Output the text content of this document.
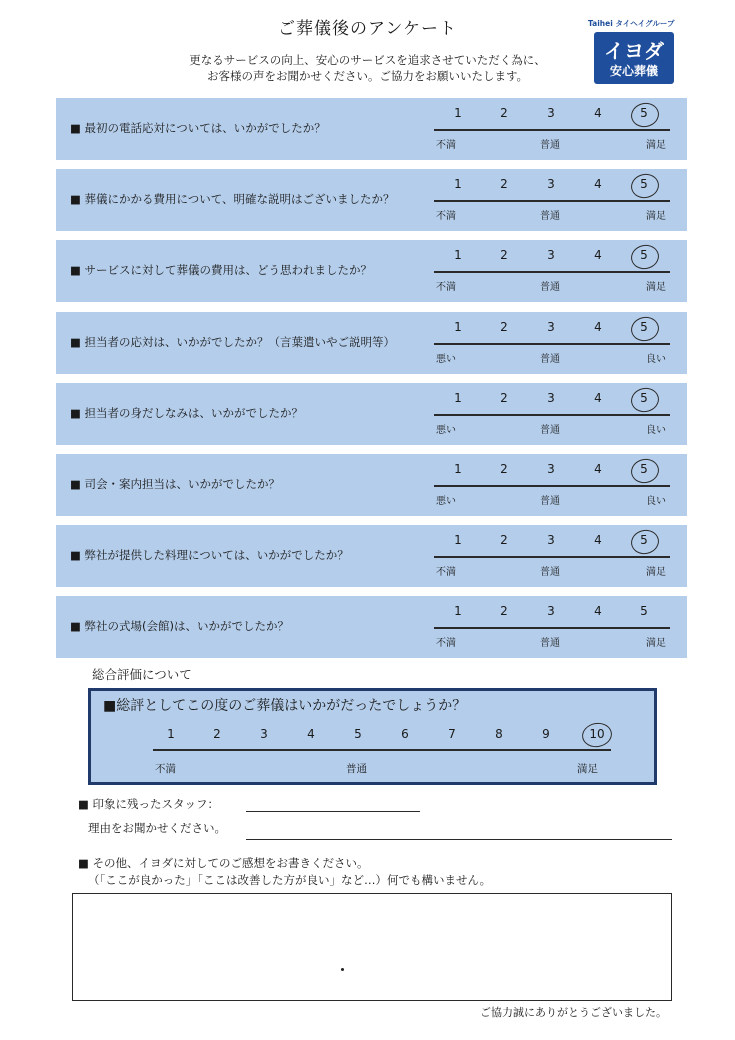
ご葬儀後のアンケート
更なるサービスの向上、安心のサービスを追求させていただく為に、
お客様の声をお聞かせください。ご協力をお願いいたします。
Taihei タイヘイグループ
イヨダ
安心葬儀
■ 最初の電話応対については、いかがでしたか？
1	2	3	4	5
不満	普通	満足
■ 葬儀にかかる費用について、明確な説明はございましたか？
1	2	3	4	5
不満	普通	満足
■ サービスに対して葬儀の費用は、どう思われましたか？
1	2	3	4	5
不満	普通	満足
■ 担当者の応対は、いかがでしたか？（言葉遣いやご説明等）
1	2	3	4	5
悪い	普通	良い
■ 担当者の身だしなみは、いかがでしたか？
1	2	3	4	5
悪い	普通	良い
■ 司会・案内担当は、いかがでしたか？
1	2	3	4	5
悪い	普通	良い
■ 弊社が提供した料理については、いかがでしたか？
1	2	3	4	5
不満	普通	満足
■ 弊社の式場(会館)は、いかがでしたか？
1	2	3	4	5
不満	普通	満足
総合評価について
■総評としてこの度のご葬儀はいかがだったでしょうか？
1	2	3	4	5	6	7	8	9	10
不満	普通	満足
■ 印象に残ったスタッフ：
理由をお聞かせください。
■ その他、イヨダに対してのご感想をお書きください。
（「ここが良かった」「ここは改善した方が良い」など…）何でも構いません。
ご協力誠にありがとうございました。
